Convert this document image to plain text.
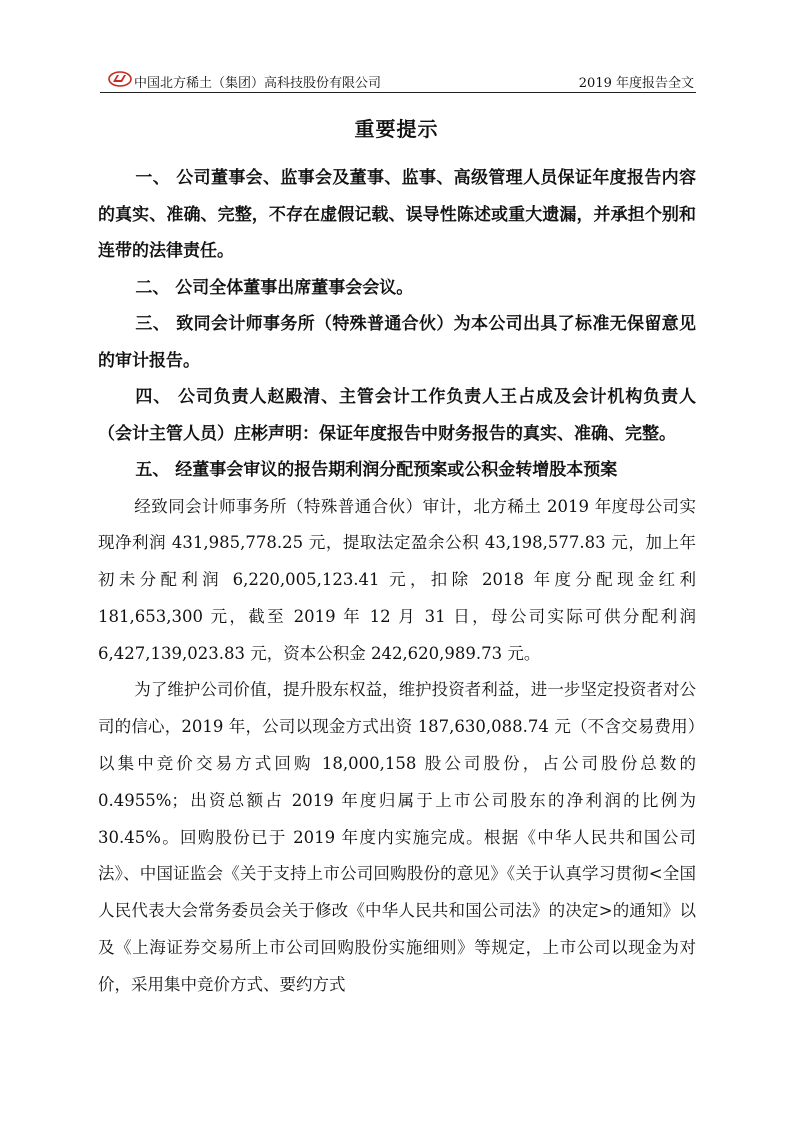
中国北方稀土（集团）高科技股份有限公司	2019 年度报告全文
重要提示

一、 公司董事会、监事会及董事、监事、高级管理人员保证年度报告内容的真实、准确、完整，不存在虚假记载、误导性陈述或重大遗漏，并承担个别和连带的法律责任。

二、 公司全体董事出席董事会会议。

三、 致同会计师事务所（特殊普通合伙）为本公司出具了标准无保留意见的审计报告。

四、 公司负责人赵殿清、主管会计工作负责人王占成及会计机构负责人（会计主管人员）庄彬声明：保证年度报告中财务报告的真实、准确、完整。

五、 经董事会审议的报告期利润分配预案或公积金转增股本预案

经致同会计师事务所（特殊普通合伙）审计，北方稀土 2019 年度母公司实现净利润 431,985,778.25 元，提取法定盈余公积 43,198,577.83 元，加上年初未分配利润 6,220,005,123.41 元，扣除 2018 年度分配现金红利 181,653,300 元，截至 2019 年 12 月 31 日，母公司实际可供分配利润 6,427,139,023.83 元，资本公积金 242,620,989.73 元。

为了维护公司价值，提升股东权益，维护投资者利益，进一步坚定投资者对公司的信心，2019 年，公司以现金方式出资 187,630,088.74 元（不含交易费用）以集中竞价交易方式回购 18,000,158 股公司股份，占公司股份总数的 0.4955%；出资总额占 2019 年度归属于上市公司股东的净利润的比例为 30.45%。回购股份已于 2019 年度内实施完成。根据《中华人民共和国公司法》、中国证监会《关于支持上市公司回购股份的意见》《关于认真学习贯彻<全国人民代表大会常务委员会关于修改《中华人民共和国公司法》的决定>的通知》以及《上海证券交易所上市公司回购股份实施细则》等规定，上市公司以现金为对价，采用集中竞价方式、要约方式
